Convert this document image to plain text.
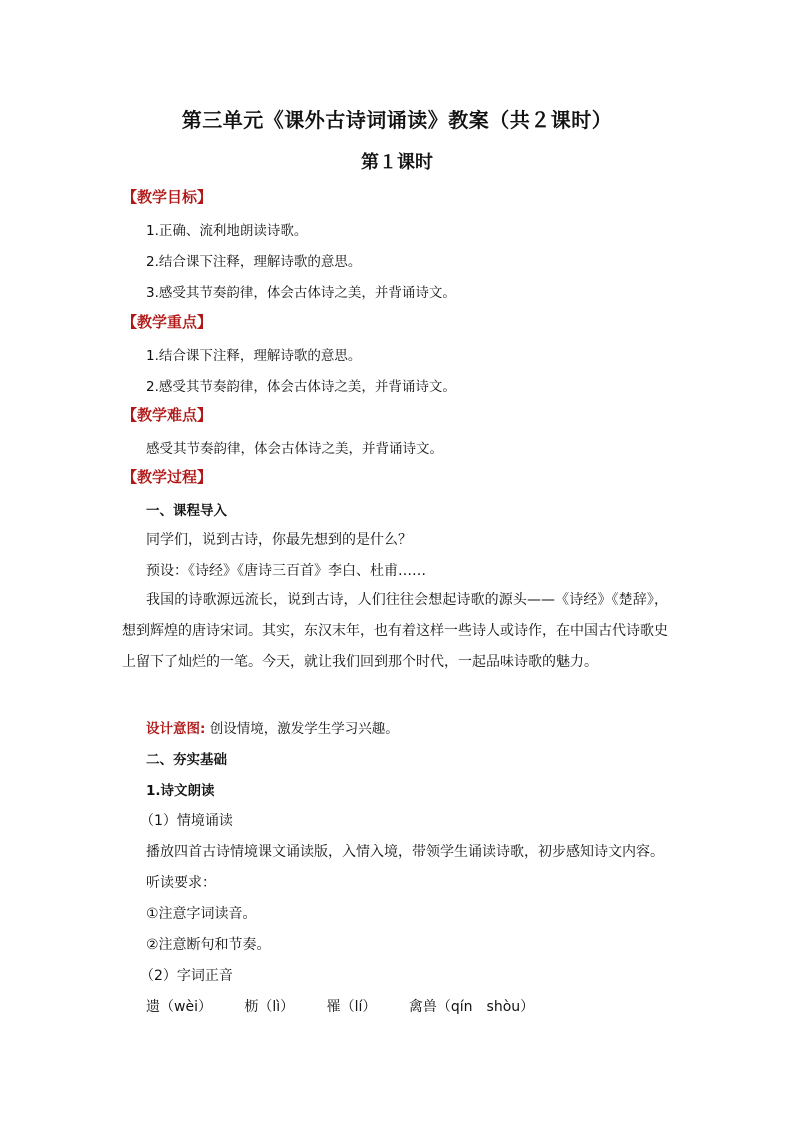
第三单元《课外古诗词诵读》教案（共２课时）
第１课时
【教学目标】
1.正确、流利地朗读诗歌。
2.结合课下注释，理解诗歌的意思。
3.感受其节奏韵律，体会古体诗之美，并背诵诗文。
【教学重点】
1.结合课下注释，理解诗歌的意思。
2.感受其节奏韵律，体会古体诗之美，并背诵诗文。
【教学难点】
感受其节奏韵律，体会古体诗之美，并背诵诗文。
【教学过程】
一、课程导入
同学们，说到古诗，你最先想到的是什么？
预设：《诗经》《唐诗三百首》李白、杜甫……
我国的诗歌源远流长，说到古诗，人们往往会想起诗歌的源头——《诗经》《楚辞》，想到辉煌的唐诗宋词。其实，东汉末年，也有着这样一些诗人或诗作，在中国古代诗歌史上留下了灿烂的一笔。今天，就让我们回到那个时代，一起品味诗歌的魅力。
设计意图: 创设情境，激发学生学习兴趣。
二、夯实基础
1.诗文朗读
（1）情境诵读
播放四首古诗情境课文诵读版，入情入境，带领学生诵读诗歌，初步感知诗文内容。
听读要求：
①注意字词读音。
②注意断句和节奏。
（2）字词正音
遗（wèi） 枥（lì） 罹（lí） 禽兽（qín　shòu）
